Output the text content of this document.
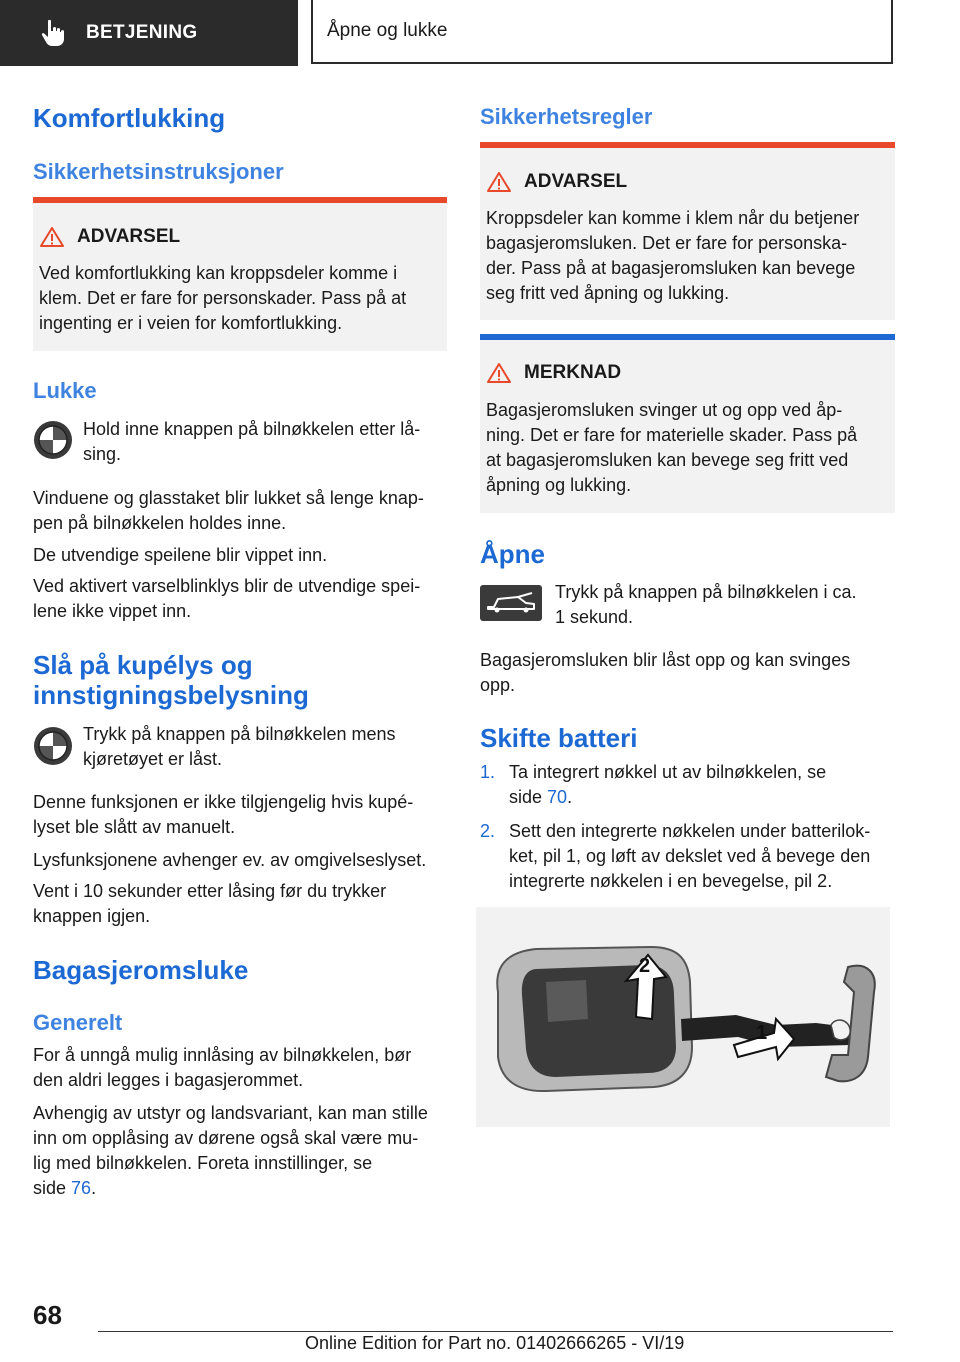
BETJENING	Åpne og lukke
Komfortlukking
Sikkerhetsinstruksjoner
ADVARSEL
Ved komfortlukking kan kroppsdeler komme i
klem. Det er fare for personskader. Pass på at
ingenting er i veien for komfortlukking.
Lukke
Hold inne knappen på bilnøkkelen etter lå-
sing.
Vinduene og glasstaket blir lukket så lenge knap-
pen på bilnøkkelen holdes inne.
De utvendige speilene blir vippet inn.
Ved aktivert varselblinklys blir de utvendige spei-
lene ikke vippet inn.
Slå på kupélys og
innstigningsbelysning
Trykk på knappen på bilnøkkelen mens
kjøretøyet er låst.
Denne funksjonen er ikke tilgjengelig hvis kupé-
lyset ble slått av manuelt.
Lysfunksjonene avhenger ev. av omgivelseslyset.
Vent i 10 sekunder etter låsing før du trykker
knappen igjen.
Bagasjeromsluke
Generelt
For å unngå mulig innlåsing av bilnøkkelen, bør
den aldri legges i bagasjerommet.
Avhengig av utstyr og landsvariant, kan man stille
inn om opplåsing av dørene også skal være mu-
lig med bilnøkkelen. Foreta innstillinger, se
side 76.
Sikkerhetsregler
ADVARSEL
Kroppsdeler kan komme i klem når du betjener
bagasjeromsluken. Det er fare for personska-
der. Pass på at bagasjeromsluken kan bevege
seg fritt ved åpning og lukking.
MERKNAD
Bagasjeromsluken svinger ut og opp ved åp-
ning. Det er fare for materielle skader. Pass på
at bagasjeromsluken kan bevege seg fritt ved
åpning og lukking.
Åpne
Trykk på knappen på bilnøkkelen i ca.
1 sekund.
Bagasjeromsluken blir låst opp og kan svinges
opp.
Skifte batteri
1. Ta integrert nøkkel ut av bilnøkkelen, se
side 70.
2. Sett den integrerte nøkkelen under batterilok-
ket, pil 1, og løft av dekslet ved å bevege den
integrerte nøkkelen i en bevegelse, pil 2.
2
1
68
Online Edition for Part no. 01402666265 - VI/19
